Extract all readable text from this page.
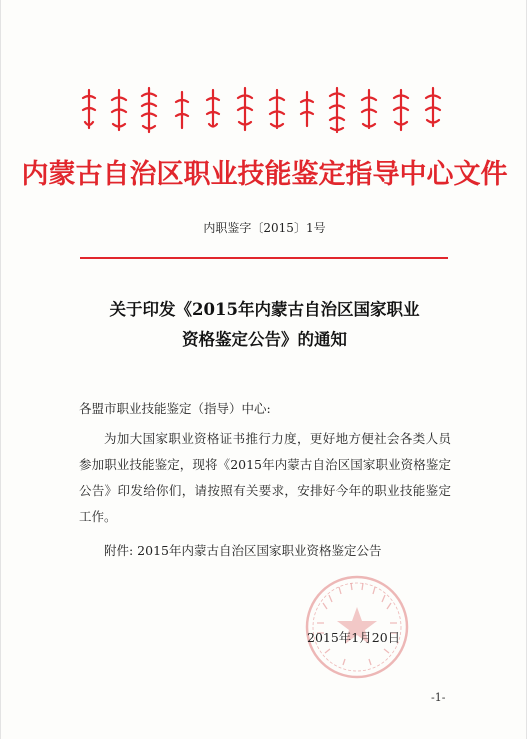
内蒙古自治区职业技能鉴定指导中心文件
内职鉴字〔2015〕1号
关于印发《2015年内蒙古自治区国家职业
资格鉴定公告》的通知
各盟市职业技能鉴定（指导）中心:
为加大国家职业资格证书推行力度，更好地方便社会各类人员参加职业技能鉴定，现将《2015年内蒙古自治区国家职业资格鉴定公告》印发给你们，请按照有关要求，安排好今年的职业技能鉴定工作。
附件: 2015年内蒙古自治区国家职业资格鉴定公告
2015年1月20日
-1-
